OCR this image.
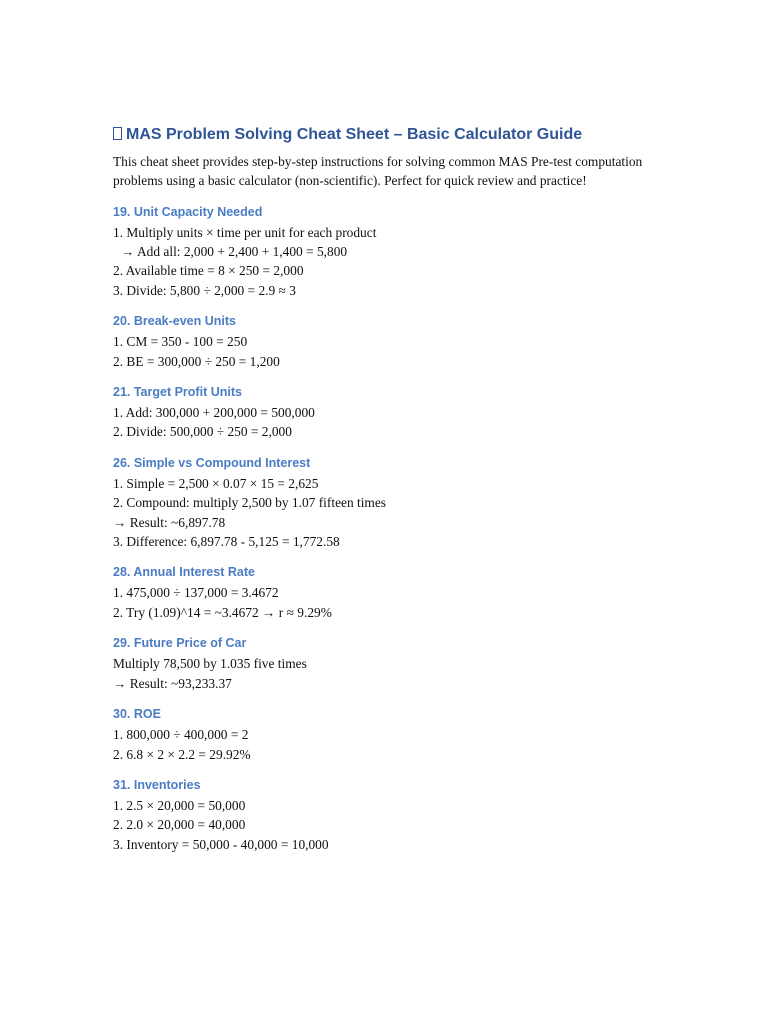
MAS Problem Solving Cheat Sheet – Basic Calculator Guide

This cheat sheet provides step-by-step instructions for solving common MAS Pre-test computation problems using a basic calculator (non-scientific). Perfect for quick review and practice!

19. Unit Capacity Needed
1. Multiply units × time per unit for each product
→ Add all: 2,000 + 2,400 + 1,400 = 5,800
2. Available time = 8 × 250 = 2,000
3. Divide: 5,800 ÷ 2,000 = 2.9 ≈ 3
20. Break-even Units
1. CM = 350 - 100 = 250
2. BE = 300,000 ÷ 250 = 1,200
21. Target Profit Units
1. Add: 300,000 + 200,000 = 500,000
2. Divide: 500,000 ÷ 250 = 2,000
26. Simple vs Compound Interest
1. Simple = 2,500 × 0.07 × 15 = 2,625
2. Compound: multiply 2,500 by 1.07 fifteen times
→ Result: ~6,897.78
3. Difference: 6,897.78 - 5,125 = 1,772.58
28. Annual Interest Rate
1. 475,000 ÷ 137,000 = 3.4672
2. Try (1.09)^14 = ~3.4672 → r ≈ 9.29%
29. Future Price of Car
Multiply 78,500 by 1.035 five times
→ Result: ~93,233.37
30. ROE
1. 800,000 ÷ 400,000 = 2
2. 6.8 × 2 × 2.2 = 29.92%
31. Inventories
1. 2.5 × 20,000 = 50,000
2. 2.0 × 20,000 = 40,000
3. Inventory = 50,000 - 40,000 = 10,000
